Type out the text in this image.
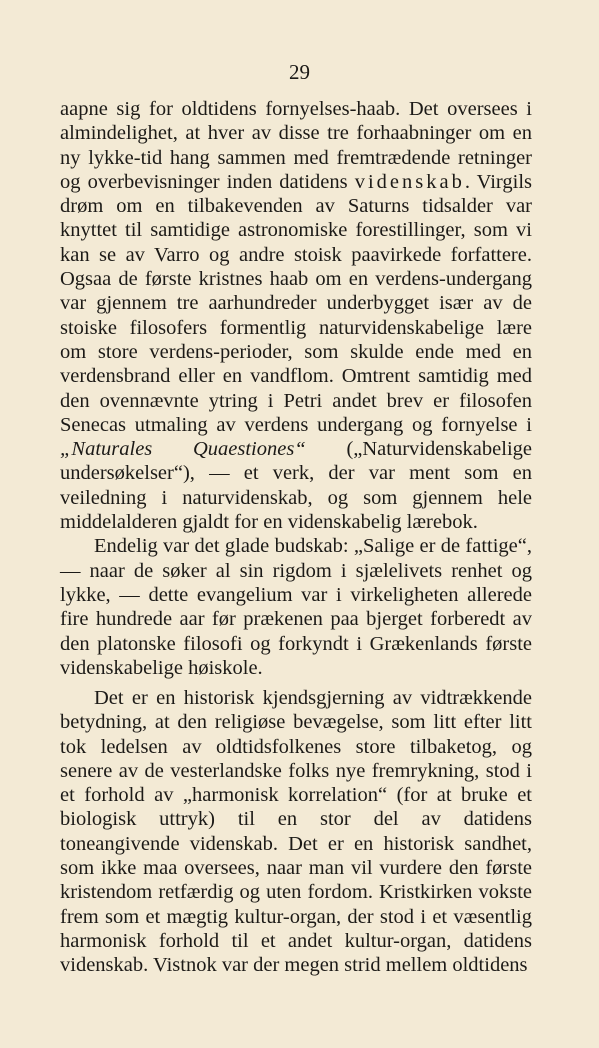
29

aapne sig for oldtidens fornyelses-haab. Det oversees i almindelighet, at hver av disse tre forhaabninger om en ny lykke-tid hang sammen med fremtrædende retninger og overbevisninger inden datidens videnskab. Virgils drøm om en tilbakevenden av Saturns tidsalder var knyttet til samtidige astronomiske forestillinger, som vi kan se av Varro og andre stoisk paavirkede forfattere. Ogsaa de første kristnes haab om en verdens-undergang var gjennem tre aarhundreder underbygget især av de stoiske filosofers formentlig naturvidenskabelige lære om store verdens-perioder, som skulde ende med en verdensbrand eller en vandflom. Omtrent samtidig med den ovennævnte ytring i Petri andet brev er filosofen Senecas utmaling av verdens undergang og fornyelse i „Naturales Quaestiones“ („Naturvidenskabelige undersøkelser“), — et verk, der var ment som en veiledning i naturvidenskab, og som gjennem hele middelalderen gjaldt for en videnskabelig lærebok.

Endelig var det glade budskab: „Salige er de fattige“, — naar de søker al sin rigdom i sjælelivets renhet og lykke, — dette evangelium var i virkeligheten allerede fire hundrede aar før prækenen paa bjerget forberedt av den platonske filosofi og forkyndt i Grækenlands første videnskabelige høiskole.

Det er en historisk kjendsgjerning av vidtrækkende betydning, at den religiøse bevægelse, som litt efter litt tok ledelsen av oldtidsfolkenes store tilbaketog, og senere av de vesterlandske folks nye fremrykning, stod i et forhold av „harmonisk korrelation“ (for at bruke et biologisk uttryk) til en stor del av datidens toneangivende videnskab. Det er en historisk sandhet, som ikke maa oversees, naar man vil vurdere den første kristendom retfærdig og uten fordom. Kristkirken vokste frem som et mægtig kultur-organ, der stod i et væsentlig harmonisk forhold til et andet kultur-organ, datidens videnskab. Vistnok var der megen strid mellem oldtidens
